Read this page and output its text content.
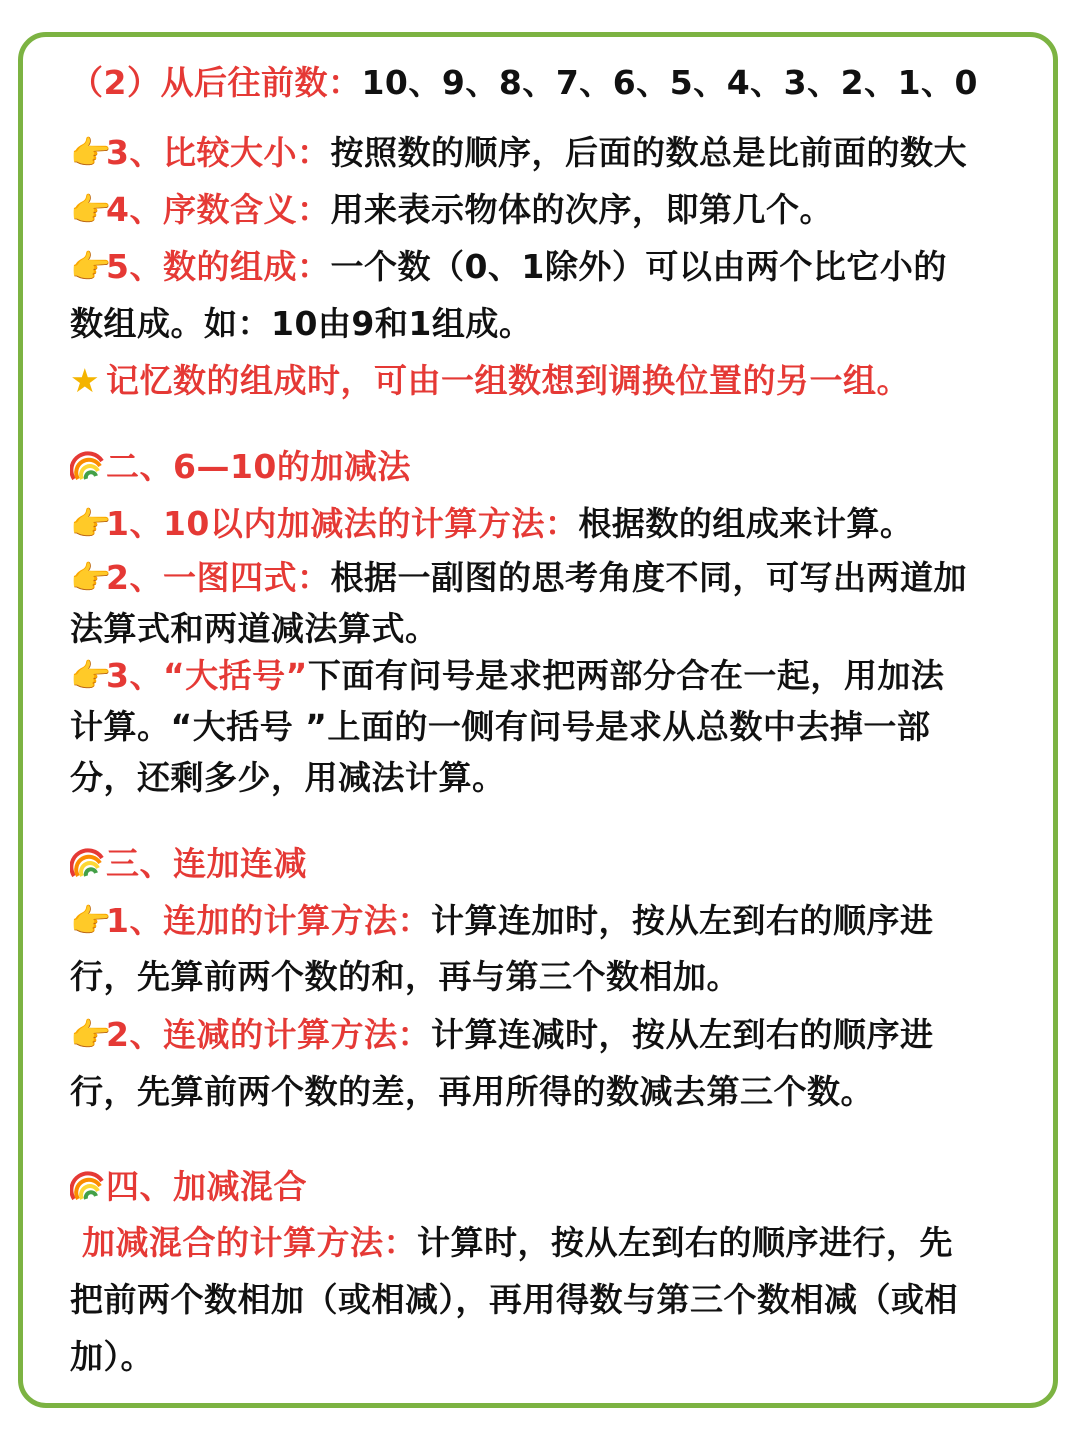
（2）从后往前数：10、9、8、7、6、5、4、3、2、1、0
👉3、比较大小：按照数的顺序，后面的数总是比前面的数大
👉4、序数含义：用来表示物体的次序，即第几个。
👉5、数的组成：一个数（0、1除外）可以由两个比它小的
数组成。如：10由9和1组成。
★ 记忆数的组成时，可由一组数想到调换位置的另一组。
二、6—10的加减法
👉1、10以内加减法的计算方法：根据数的组成来计算。
👉2、一图四式：根据一副图的思考角度不同，可写出两道加
法算式和两道减法算式。
👉3、“大括号”下面有问号是求把两部分合在一起，用加法
计算。“大括号 ”上面的一侧有问号是求从总数中去掉一部
分，还剩多少，用减法计算。
三、连加连减
👉1、连加的计算方法：计算连加时，按从左到右的顺序进
行，先算前两个数的和，再与第三个数相加。
👉2、连减的计算方法：计算连减时，按从左到右的顺序进
行，先算前两个数的差，再用所得的数减去第三个数。
四、加减混合
加减混合的计算方法：计算时，按从左到右的顺序进行，先
把前两个数相加（或相减），再用得数与第三个数相减（或相
加）。
